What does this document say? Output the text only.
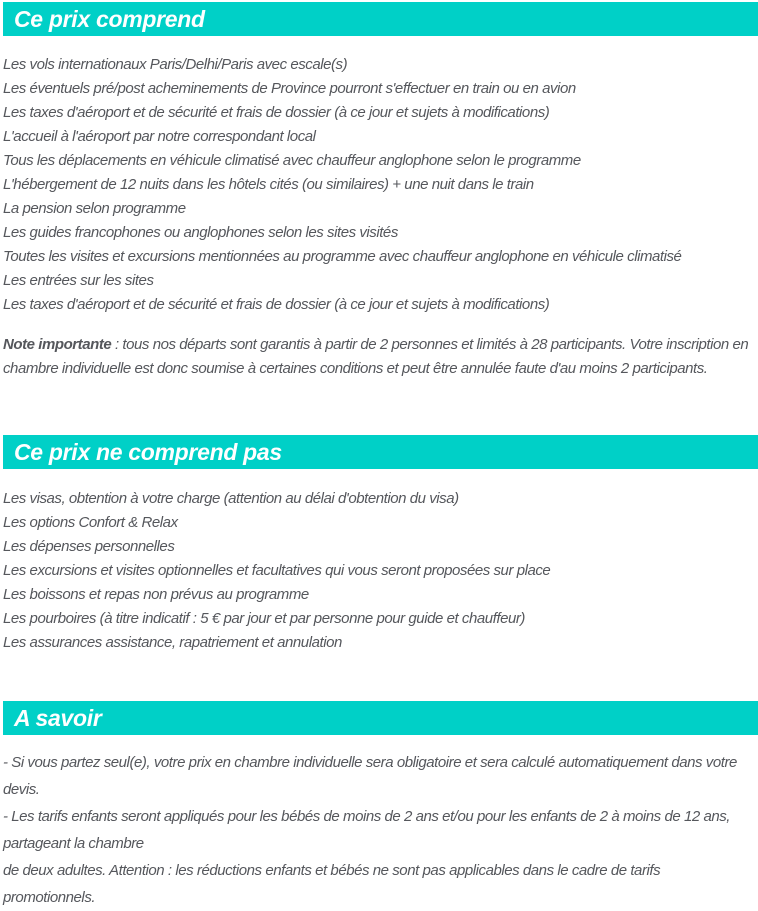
Ce prix comprend
Les vols internationaux Paris/Delhi/Paris avec escale(s)
Les éventuels pré/post acheminements de Province pourront s'effectuer en train ou en avion
Les taxes d'aéroport et de sécurité et frais de dossier (à ce jour et sujets à modifications)
L'accueil à l'aéroport par notre correspondant local
Tous les déplacements en véhicule climatisé avec chauffeur anglophone selon le programme
L'hébergement de 12 nuits dans les hôtels cités (ou similaires) + une nuit dans le train
La pension selon programme
Les guides francophones ou anglophones selon les sites visités
Toutes les visites et excursions mentionnées au programme avec chauffeur anglophone en véhicule climatisé
Les entrées sur les sites
Les taxes d'aéroport et de sécurité et frais de dossier (à ce jour et sujets à modifications)

Note importante : tous nos départs sont garantis à partir de 2 personnes et limités à 28 participants. Votre inscription en chambre individuelle est donc soumise à certaines conditions et peut être annulée faute d'au moins 2 participants.

Ce prix ne comprend pas
Les visas, obtention à votre charge (attention au délai d'obtention du visa)
Les options Confort & Relax
Les dépenses personnelles
Les excursions et visites optionnelles et facultatives qui vous seront proposées sur place
Les boissons et repas non prévus au programme
Les pourboires (à titre indicatif : 5 € par jour et par personne pour guide et chauffeur)
Les assurances assistance, rapatriement et annulation
A savoir
- Si vous partez seul(e), votre prix en chambre individuelle sera obligatoire et sera calculé automatiquement dans votre devis.
- Les tarifs enfants seront appliqués pour les bébés de moins de 2 ans et/ou pour les enfants de 2 à moins de 12 ans, partageant la chambre
de deux adultes. Attention : les réductions enfants et bébés ne sont pas applicables dans le cadre de tarifs promotionnels.
